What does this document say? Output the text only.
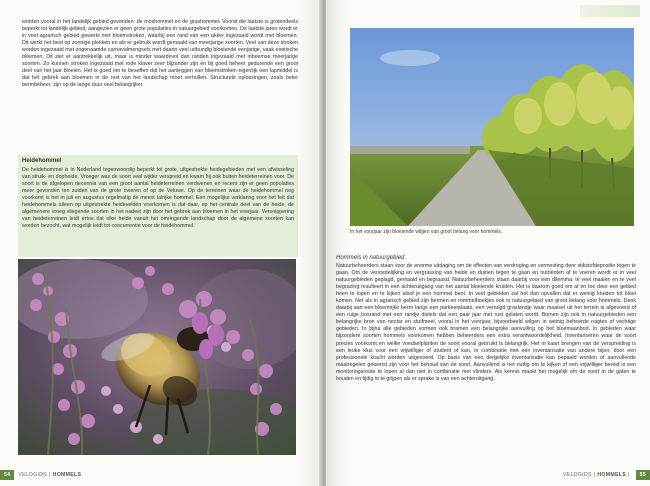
worden vooral in het landelijk gebied gevonden: de moshommel en de grashommel. Vooral die laatste is grotendeels beperkt tot landelijk gebied, aangezien er geen grote populaties in natuurgebied voorkomen. De laatste jaren wordt er in veel agrarisch gebied gewerkt met bloemstroken, waarbij een rand van een akker ingezaaid wordt met bloemen. Dit werkt het best op zonnige plekken en als er gebruik wordt gemaakt van meerjarige soorten. Veel van deze stroken worden ingezaaid met zogenaamde carnavalmengsels met daarin veel uitbundig bloeiende eenjarige, vaak exotische bloemen. Dit ziet er aantrekkelijk uit, maar is minder waardevol dan randen ingezaaid met inheemse meerjarige soorten. Zo kunnen stroken ingezaaid met rode klaver zeer bijzonder zijn en bij goed beheer gedurende een groot deel van het jaar bloeien. Het is goed om te beseffen dat het aanleggen van bloemstroken eigenlijk een lapmiddel is dat het gebrek aan bloemen in de rest van het landschap moet verhullen. Structurele oplossingen, zoals beter bermbeheer, zijn op de lange duur veel belangrijker.

Heidehommel

De heidehommel is in Nederland tegenwoordig beperkt tot grote, uitgestrekte heidegebieden met een afwisseling van struik- en dopheide. Vroeger was de soort veel wijder verspreid en kwam hij ook buiten heideterreinen voor. De soort is de afgelopen decennia van een groot aantal heideterreinen verdwenen en recent zijn er geen populaties meer gevonden ten zuiden van de grote rivieren of op de Veluwe. Op de terreinen waar de heidehommel nog voorkomt is het in juli en augustus regelmatig de meest talrijke hommel. Een mogelijke verklaring voor het feit dat heidehommels alleen op uitgestrekte heidevelden voorkomen is dat daar, op het centrale deel van de heide, de algemenere vroeg vliegende soorten in het nadeel zijn door het gebrek aan bloemen in het voorjaar. Versnippering van heideterreinen leidt ertoe dat elke heide vanuit het omringende landschap door de algemene soorten kan worden bezocht, wat mogelijk leidt tot concurrentie voor de heidehommel.

54	VELDGIDS | HOMMELS

In het voorjaar zijn bloeiende wilgen van groot belang voor hommels.

Hommels in natuurgebied

Natuurbeheerders staan voor de enorme uitdaging om de effecten van verdroging en vermesting door stikstofdepositie tegen te gaan. Om de verstedelijking en vergrassing van heide en duinen tegen te gaan en nutriënten af te voeren wordt er in veel natuurgebieden geplagd, gemaaid en begraasd. Natuurbeheerders staan daarbij voor een dilemma: te veel maaien en te veel begrazing resulteert in een achteruitgang van het aantal bloeiende kruiden. Het is daarom goed om af en toe door een gebied heen te lopen en te kijken alsof je een hommel bent. In veel gebieden zal het dan opvallen dat er weinig kruiden tot bloei komen. Net als in agrarisch gebied zijn bermen en rommelhoekjes ook in natuurgebied van groot belang voor hommels. Denk daarbij aan een bloemrijke berm langs een parkeerplaats, een verruigd graslandje waar maaisel uit het terrein is afgevoerd of een ruige bosrand met een randje distels dat een paar jaar met rust gelaten wordt. Bomen zijn ook in natuurgebieden een belangrijke bron van nectar en stuifmeel, vooral in het voorjaar, bijvoorbeeld wilgen in weinig beheerde ruigtes of vochtige gebieden. In bijna alle gebieden vormen ook bramen een belangrijke aanvulling op het bloemaanbod. In gebieden waar bijzondere soorten hommels voorkomen hebben beheerders een extra verantwoordelijkheid. Inventariseren waar de soort precies voorkomt en welke voedselplanten de soort vooral gebruikt is belangrijk. Het in kaart brengen van de verspreiding is een leuke klus voor een vrijwilliger of student of kan, in combinatie met een inventarisatie van andere bijen, door een professionele kracht worden uitgevoerd. Op basis van een dergelijke inventarisatie kan bepaald worden of aanvullende maatregelen gewenst zijn voor het behoud van de soort. Aanvullend is het nuttig om te kijken of een vrijwilliger bereid is een monitoringsroute te lopen al dan niet in combinatie met vlinders. Als kennis maakt het mogelijk om de soort in de gaten te houden en tijdig in te grijpen als er sprake is van een achteruitgang.

VELDGIDS | HOMMELS |	55
